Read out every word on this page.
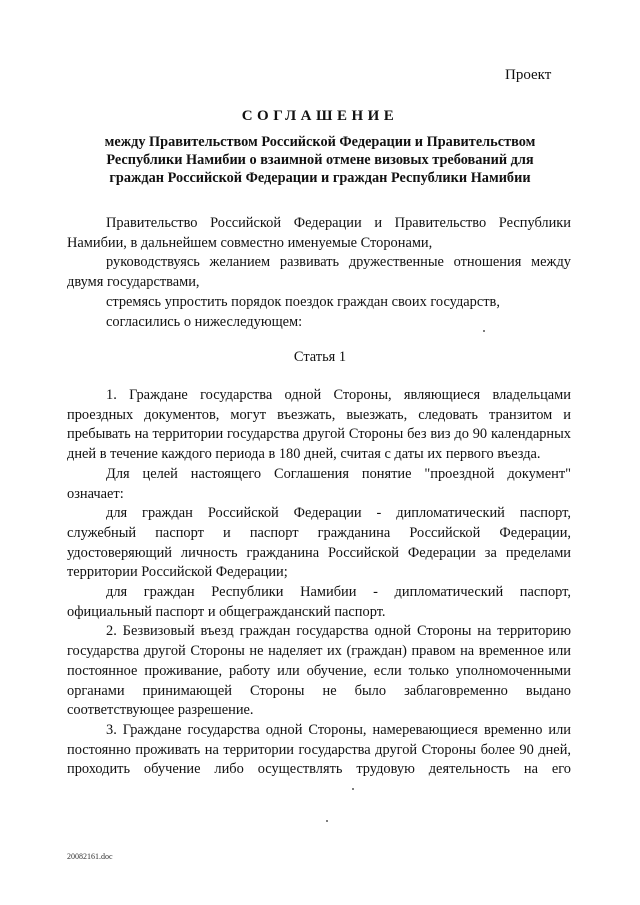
Проект
СОГЛАШЕНИЕ
между Правительством Российской Федерации и Правительством
Республики Намибии о взаимной отмене визовых требований для
граждан Российской Федерации и граждан Республики Намибии

Правительство Российской Федерации и Правительство Республики Намибии, в дальнейшем совместно именуемые Сторонами,

руководствуясь желанием развивать дружественные отношения между двумя государствами,

стремясь упростить порядок поездок граждан своих государств,

согласились о нижеследующем:

Статья 1

1. Граждане государства одной Стороны, являющиеся владельцами проездных документов, могут въезжать, выезжать, следовать транзитом и пребывать на территории государства другой Стороны без виз до 90 календарных дней в течение каждого периода в 180 дней, считая с даты их первого въезда.

Для целей настоящего Соглашения понятие "проездной документ" означает:

для граждан Российской Федерации - дипломатический паспорт, служебный паспорт и паспорт гражданина Российской Федерации, удостоверяющий личность гражданина Российской Федерации за пределами территории Российской Федерации;

для граждан Республики Намибии - дипломатический паспорт, официальный паспорт и общегражданский паспорт.

2. Безвизовый въезд граждан государства одной Стороны на территорию государства другой Стороны не наделяет их (граждан) правом на временное или постоянное проживание, работу или обучение, если только уполномоченными органами принимающей Стороны не было заблаговременно выдано соответствующее разрешение.

3. Граждане государства одной Стороны, намеревающиеся временно или постоянно проживать на территории государства другой Стороны более 90 дней, проходить обучение либо осуществлять трудовую деятельность на его

20082161.doc
